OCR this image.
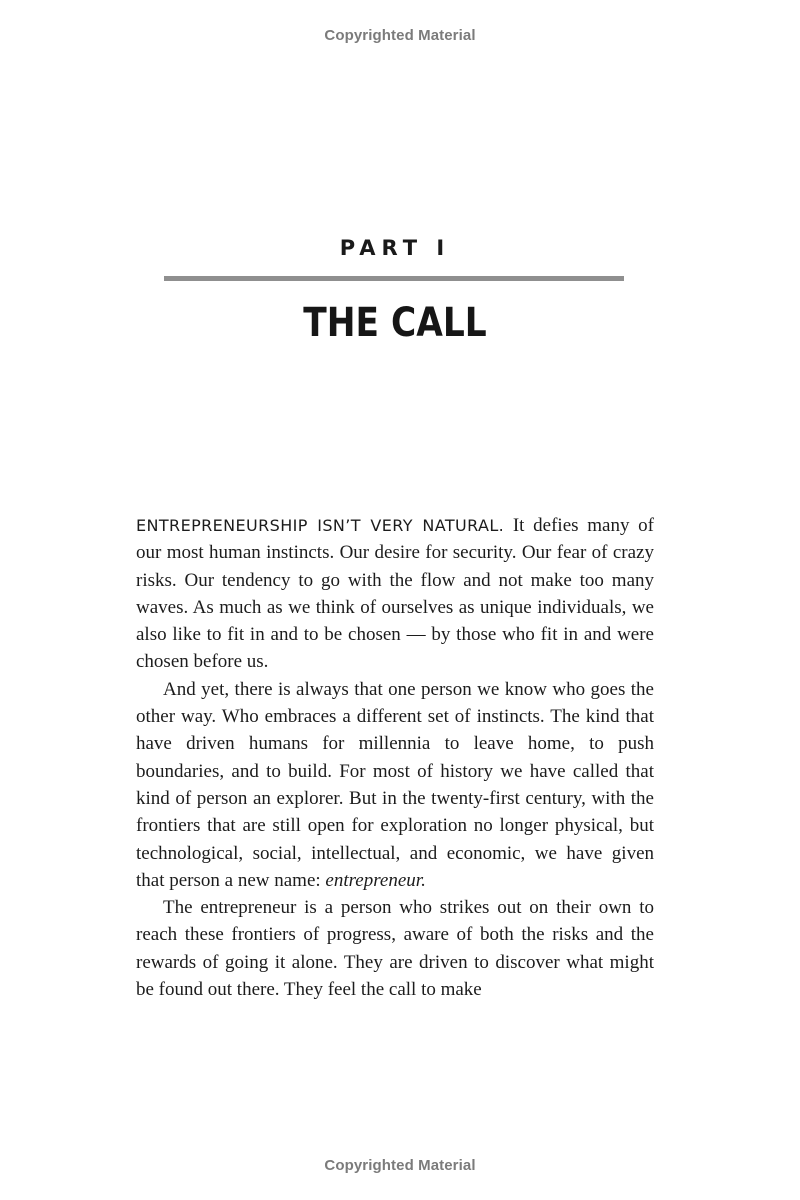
Copyrighted Material
PART I
THE CALL

ENTREPRENEURSHIP ISN’T VERY NATURAL. It defies many of our most human instincts. Our desire for security. Our fear of crazy risks. Our tendency to go with the flow and not make too many waves. As much as we think of ourselves as unique individuals, we also like to fit in and to be chosen — by those who fit in and were chosen before us.

And yet, there is always that one person we know who goes the other way. Who embraces a different set of instincts. The kind that have driven humans for millennia to leave home, to push boundaries, and to build. For most of history we have called that kind of person an explorer. But in the twenty-first century, with the frontiers that are still open for exploration no longer physical, but technological, social, intellectual, and economic, we have given that person a new name: entrepreneur.

The entrepreneur is a person who strikes out on their own to reach these frontiers of progress, aware of both the risks and the rewards of going it alone. They are driven to discover what might be found out there. They feel the call to make

Copyrighted Material
